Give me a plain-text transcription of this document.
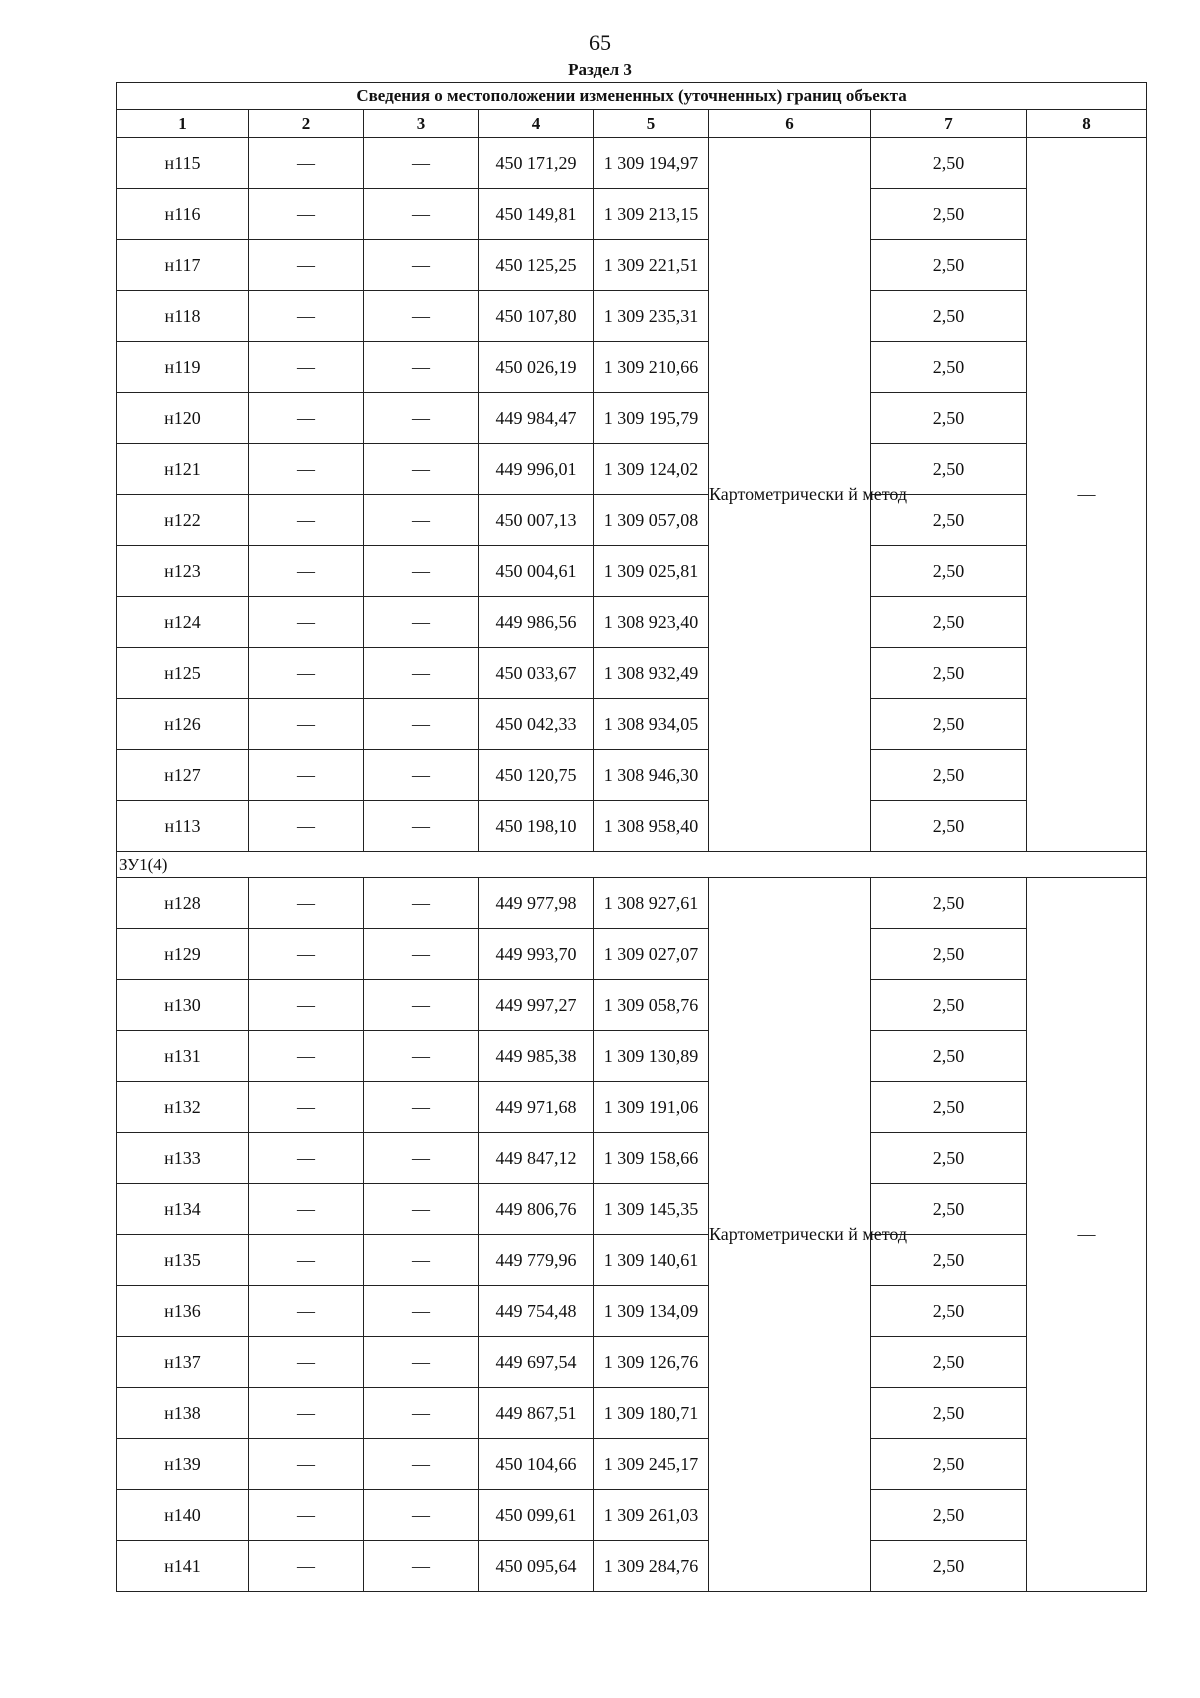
65
Раздел 3
Сведения о местоположении измененных (уточненных) границ объекта							
1	2	3	4	5	6	7	8
н115	—	—	450 171,29	1 309 194,97	Картометрически й метод	2,50	—
н116	—	—	450 149,81	1 309 213,15		2,50	
н117	—	—	450 125,25	1 309 221,51		2,50	
н118	—	—	450 107,80	1 309 235,31		2,50	
н119	—	—	450 026,19	1 309 210,66		2,50	
н120	—	—	449 984,47	1 309 195,79		2,50	
н121	—	—	449 996,01	1 309 124,02		2,50	
н122	—	—	450 007,13	1 309 057,08		2,50	
н123	—	—	450 004,61	1 309 025,81		2,50	
н124	—	—	449 986,56	1 308 923,40		2,50	
н125	—	—	450 033,67	1 308 932,49		2,50	
н126	—	—	450 042,33	1 308 934,05		2,50	
н127	—	—	450 120,75	1 308 946,30		2,50	
н113	—	—	450 198,10	1 308 958,40		2,50	
ЗУ1(4)							
н128	—	—	449 977,98	1 308 927,61	Картометрически й метод	2,50	—
н129	—	—	449 993,70	1 309 027,07		2,50	
н130	—	—	449 997,27	1 309 058,76		2,50	
н131	—	—	449 985,38	1 309 130,89		2,50	
н132	—	—	449 971,68	1 309 191,06		2,50	
н133	—	—	449 847,12	1 309 158,66		2,50	
н134	—	—	449 806,76	1 309 145,35		2,50	
н135	—	—	449 779,96	1 309 140,61		2,50	
н136	—	—	449 754,48	1 309 134,09		2,50	
н137	—	—	449 697,54	1 309 126,76		2,50	
н138	—	—	449 867,51	1 309 180,71		2,50	
н139	—	—	450 104,66	1 309 245,17		2,50	
н140	—	—	450 099,61	1 309 261,03		2,50	
н141	—	—	450 095,64	1 309 284,76		2,50	
